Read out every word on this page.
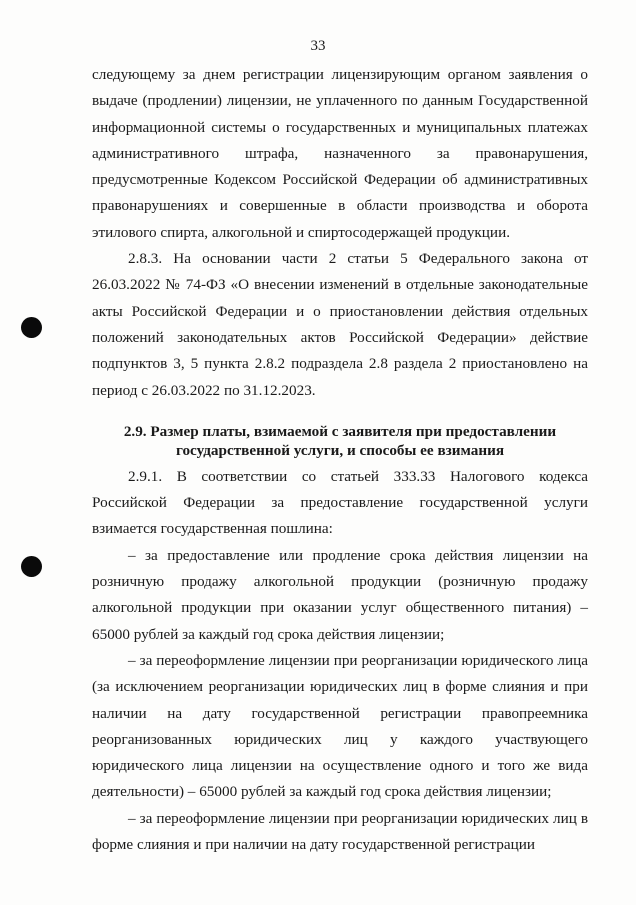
33

следующему за днем регистрации лицензирующим органом заявления о выдаче (продлении) лицензии, не уплаченного по данным Государственной информационной системы о государственных и муниципальных платежах административного штрафа, назначенного за правонарушения, предусмотренные Кодексом Российской Федерации об административных правонарушениях и совершенные в области производства и оборота этилового спирта, алкогольной и спиртосодержащей продукции.

2.8.3. На основании части 2 статьи 5 Федерального закона от 26.03.2022 № 74-ФЗ «О внесении изменений в отдельные законодательные акты Российской Федерации и о приостановлении действия отдельных положений законодательных актов Российской Федерации» действие подпунктов 3, 5 пункта 2.8.2 подраздела 2.8 раздела 2 приостановлено на период с 26.03.2022 по 31.12.2023.

2.9. Размер платы, взимаемой с заявителя при предоставлении
государственной услуги, и способы ее взимания

2.9.1. В соответствии со статьей 333.33 Налогового кодекса Российской Федерации за предоставление государственной услуги взимается государственная пошлина:

– за предоставление или продление срока действия лицензии на розничную продажу алкогольной продукции (розничную продажу алкогольной продукции при оказании услуг общественного питания) – 65000 рублей за каждый год срока действия лицензии;

– за переоформление лицензии при реорганизации юридического лица (за исключением реорганизации юридических лиц в форме слияния и при наличии на дату государственной регистрации правопреемника реорганизованных юридических лиц у каждого участвующего юридического лица лицензии на осуществление одного и того же вида деятельности) – 65000 рублей за каждый год срока действия лицензии;

– за переоформление лицензии при реорганизации юридических лиц в форме слияния и при наличии на дату государственной регистрации
